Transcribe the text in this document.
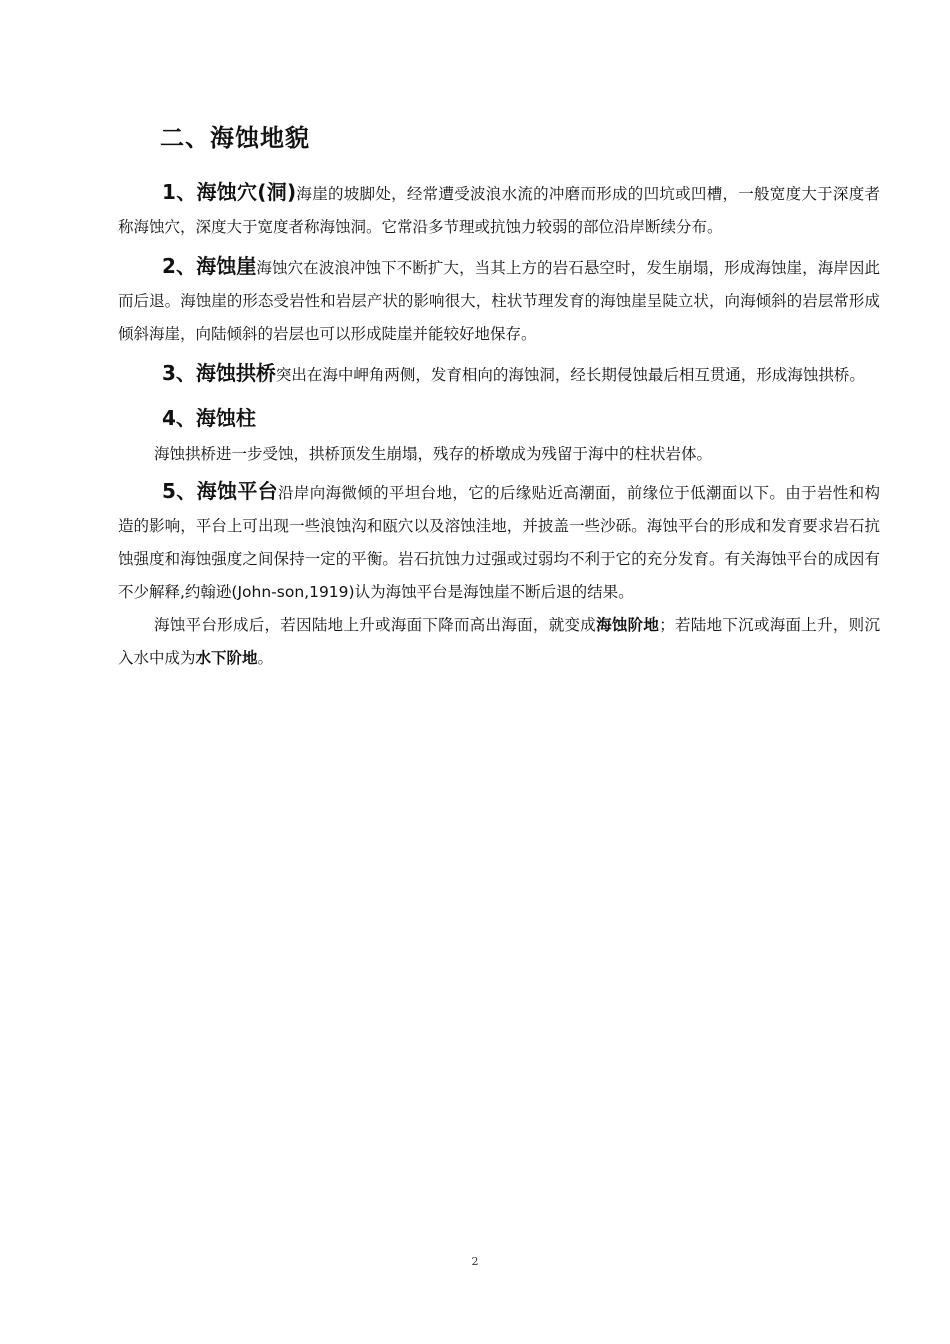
二、海蚀地貌

1、海蚀穴(洞)海崖的坡脚处，经常遭受波浪水流的冲磨而形成的凹坑或凹槽，一般宽度大于深度者称海蚀穴，深度大于宽度者称海蚀洞。它常沿多节理或抗蚀力较弱的部位沿岸断续分布。

2、海蚀崖海蚀穴在波浪冲蚀下不断扩大，当其上方的岩石悬空时，发生崩塌，形成海蚀崖，海岸因此而后退。海蚀崖的形态受岩性和岩层产状的影响很大，柱状节理发育的海蚀崖呈陡立状，向海倾斜的岩层常形成倾斜海崖，向陆倾斜的岩层也可以形成陡崖并能较好地保存。

3、海蚀拱桥突出在海中岬角两侧，发育相向的海蚀洞，经长期侵蚀最后相互贯通，形成海蚀拱桥。

4、海蚀柱

海蚀拱桥进一步受蚀，拱桥顶发生崩塌，残存的桥墩成为残留于海中的柱状岩体。

5、海蚀平台沿岸向海微倾的平坦台地，它的后缘贴近高潮面，前缘位于低潮面以下。由于岩性和构造的影响，平台上可出现一些浪蚀沟和瓯穴以及溶蚀洼地，并披盖一些沙砾。海蚀平台的形成和发育要求岩石抗蚀强度和海蚀强度之间保持一定的平衡。岩石抗蚀力过强或过弱均不利于它的充分发育。有关海蚀平台的成因有不少解释,约翰逊(John-son,1919)认为海蚀平台是海蚀崖不断后退的结果。

海蚀平台形成后，若因陆地上升或海面下降而高出海面，就变成海蚀阶地；若陆地下沉或海面上升，则沉入水中成为水下阶地。

2
